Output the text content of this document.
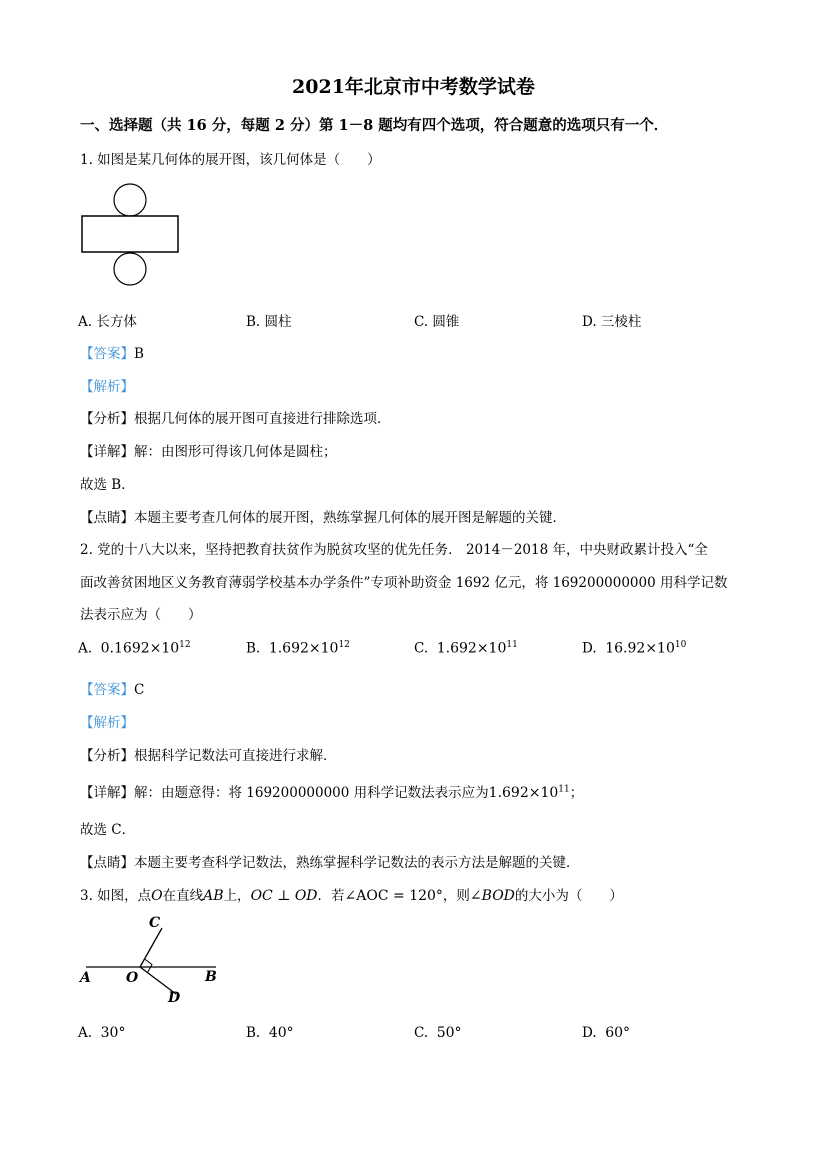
2021年北京市中考数学试卷
一、选择题（共 16 分，每题 2 分）第 1－8 题均有四个选项，符合题意的选项只有一个．
1. 如图是某几何体的展开图，该几何体是（　　）
A. 长方体	B. 圆柱	C. 圆锥	D. 三棱柱
【答案】B
【解析】
【分析】根据几何体的展开图可直接进行排除选项．
【详解】解：由图形可得该几何体是圆柱；
故选 B．
【点睛】本题主要考查几何体的展开图，熟练掌握几何体的展开图是解题的关键．
2. 党的十八大以来，坚持把教育扶贫作为脱贫攻坚的优先任务． 2014－2018 年，中央财政累计投入“全
面改善贫困地区义务教育薄弱学校基本办学条件”专项补助资金 1692 亿元，将 169200000000 用科学记数
法表示应为（　　）
A. $0.1692\times 10^{12}$	B. $1.692\times 10^{12}$	C. $1.692\times 10^{11}$	D. $16.92\times 10^{10}$
【答案】C
【解析】
【分析】根据科学记数法可直接进行求解．
【详解】解：由题意得：将 169200000000 用科学记数法表示应为$1.692\times 10^{11}$；
故选 C．
【点睛】本题主要考查科学记数法，熟练掌握科学记数法的表示方法是解题的关键．
3. 如图，点O在直线AB上，OC ⊥ OD．若∠AOC = 120°，则∠BOD的大小为（　　）
A	O	B
C
D
A. 30°	B. 40°	C. 50°	D. 60°
